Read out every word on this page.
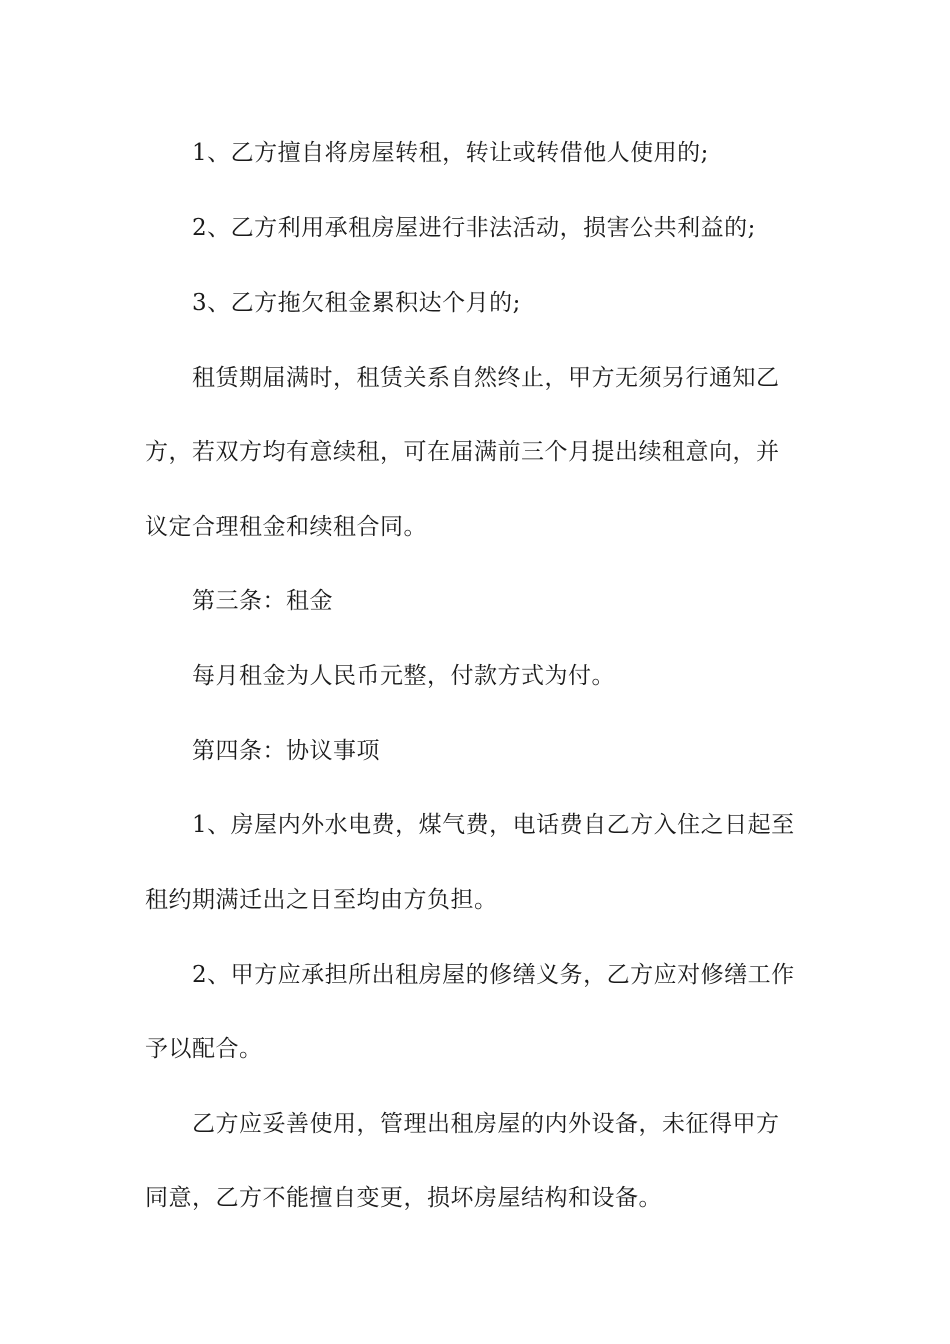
1、乙方擅自将房屋转租，转让或转借他人使用的;
2、乙方利用承租房屋进行非法活动，损害公共利益的;
3、乙方拖欠租金累积达个月的;
租赁期届满时，租赁关系自然终止，甲方无须另行通知乙
方，若双方均有意续租，可在届满前三个月提出续租意向，并
议定合理租金和续租合同。
第三条：租金
每月租金为人民币元整，付款方式为付。
第四条：协议事项
1、房屋内外水电费，煤气费，电话费自乙方入住之日起至
租约期满迁出之日至均由方负担。
2、甲方应承担所出租房屋的修缮义务，乙方应对修缮工作
予以配合。
乙方应妥善使用，管理出租房屋的内外设备，未征得甲方
同意，乙方不能擅自变更，损坏房屋结构和设备。
